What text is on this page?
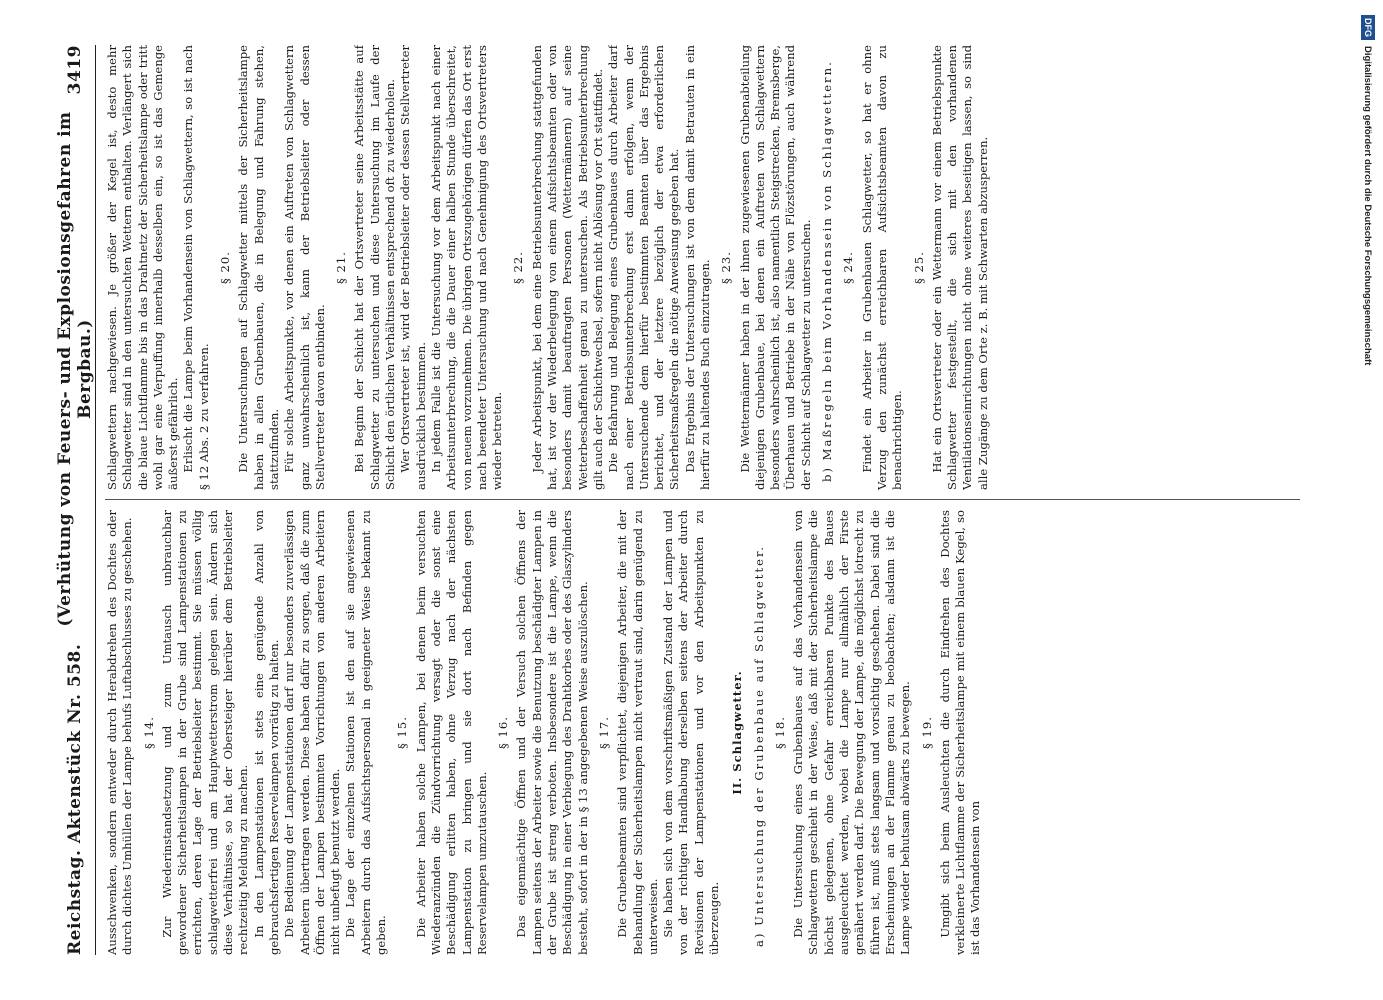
Reichstag. Aktenstück Nr. 558.
(Verhütung von Feuers- und Explosionsgefahren im Bergbau.)
3419

Ausschwenken, sondern entweder durch Herabdrehen des Dochtes oder durch dichtes Umhüllen der Lampe behufs Luftabschlusses zu geschehen. § 14. Zur Wiederinstandsetzung und zum Umtausch unbrauchbar gewordener Sicherheitslampen in der Grube sind Lampenstationen zu errichten, deren Lage der Betriebsleiter bestimmt. Sie müssen völlig schlagwetterfrei und am Hauptwetterstrom gelegen sein. Ändern sich diese Verhältnisse, so hat der Obersteiger hierüber dem Betriebsleiter rechtzeitig Meldung zu machen. In den Lampenstationen ist stets eine genügende Anzahl von gebrauchsfertigen Reservelampen vorrätig zu halten. Die Bedienung der Lampenstationen darf nur besonders zuverlässigen Arbeitern übertragen werden. Diese haben dafür zu sorgen, daß die zum Öffnen der Lampen bestimmten Vorrichtungen von anderen Arbeitern nicht unbefugt benutzt werden. Die Lage der einzelnen Stationen ist den auf sie angewiesenen Arbeitern durch das Aufsichtspersonal in geeigneter Weise bekannt zu geben.

§ 15. Die Arbeiter haben solche Lampen, bei denen beim versuchten Wiederanzünden die Zündvorrichtung versagt oder die sonst eine Beschädigung erlitten haben, ohne Verzug nach der nächsten Lampenstation zu bringen und sie dort nach Befinden gegen Reservelampen umzutauschen.

§ 16. Das eigenmächtige Öffnen und der Versuch solchen Öffnens der Lampen seitens der Arbeiter sowie die Benutzung beschädigter Lampen in der Grube ist streng verboten. Insbesondere ist die Lampe, wenn die Beschädigung in einer Verbiegung des Drahtkorbes oder des Glaszylinders besteht, sofort in der in § 13 angegebenen Weise auszulöschen. § 17. Die Grubenbeamten sind verpflichtet, diejenigen Arbeiter, die mit der Behandlung der Sicherheitslampen nicht vertraut sind, darin genügend zu unterweisen. Sie haben sich von dem vorschriftsmäßigen Zustand der Lampen und von der richtigen Handhabung derselben seitens der Arbeiter durch Revisionen der Lampenstationen und vor den Arbeitspunkten zu überzeugen.

II. Schlagwetter. a) Untersuchung der Grubenbaue auf Schlagwetter. § 18. Die Untersuchung eines Grubenbaues auf das Vorhandensein von Schlagwettern geschieht in der Weise, daß mit der Sicherheitslampe die höchst gelegenen, ohne Gefahr erreichbaren Punkte des Baues ausgeleuchtet werden, wobei die Lampe nur allmählich der Firste genähert werden darf. Die Bewegung der Lampe, die möglichst lotrecht zu führen ist, muß stets langsam und vorsichtig geschehen. Dabei sind die Erscheinungen an der Flamme genau zu beobachten; alsdann ist die Lampe wieder behutsam abwärts zu bewegen. § 19. Umgibt sich beim Ausleuchten die durch Eindrehen des Dochtes verkleinerte Lichtflamme der Sicherheitslampe mit einem blauen Kegel, so ist das Vorhandensein von

Schlagwettern nachgewiesen. Je größer der Kegel ist, desto mehr Schlagwetter sind in den untersuchten Wettern enthalten. Verlängert sich die blaue Lichtflamme bis in das Drahtnetz der Sicherheitslampe oder tritt wohl gar eine Verpuffung innerhalb desselben ein, so ist das Gemenge äußerst gefährlich. Erlischt die Lampe beim Vorhandensein von Schlagwettern, so ist nach § 12 Abs. 2 zu verfahren.

§ 20. Die Untersuchungen auf Schlagwetter mittels der Sicherheitslampe haben in allen Grubenbauen, die in Belegung und Fahrung stehen, stattzufinden. Für solche Arbeitspunkte, vor denen ein Auftreten von Schlagwettern ganz unwahrscheinlich ist, kann der Betriebsleiter oder dessen Stellvertreter davon entbinden.

§ 21. Bei Beginn der Schicht hat der Ortsvertreter seine Arbeitsstätte auf Schlagwetter zu untersuchen und diese Untersuchung im Laufe der Schicht den örtlichen Verhältnissen entsprechend oft zu wiederholen. Wer Ortsvertreter ist, wird der Betriebsleiter oder dessen Stellvertreter ausdrücklich bestimmen. In jedem Falle ist die Untersuchung vor dem Arbeitspunkt nach einer Arbeitsunterbrechung, die die Dauer einer halben Stunde überschreitet, von neuem vorzunehmen. Die übrigen Ortszugehörigen dürfen das Ort erst nach beendeter Untersuchung und nach Genehmigung des Ortsvertreters wieder betreten.

§ 22. Jeder Arbeitspunkt, bei dem eine Betriebsunterbrechung stattgefunden hat, ist vor der Wiederbelegung von einem Aufsichtsbeamten oder von besonders damit beauftragten Personen (Wettermännern) auf seine Wetterbeschaffenheit genau zu untersuchen. Als Betriebsunterbrechung gilt auch der Schichtwechsel, sofern nicht Ablösung vor Ort stattfindet. Die Befahrung und Belegung eines Grubenbaues durch Arbeiter darf nach einer Betriebsunterbrechung erst dann erfolgen, wenn der Untersuchende dem hierfür bestimmten Beamten über das Ergebnis berichtet, und der letztere bezüglich der etwa erforderlichen Sicherheitsmaßregeln die nötige Anweisung gegeben hat. Das Ergebnis der Untersuchungen ist von dem damit Betrauten in ein hierfür zu haltendes Buch einzutragen. § 23. Die Wettermänner haben in der ihnen zugewiesenen Grubenabteilung diejenigen Grubenbaue, bei denen ein Auftreten von Schlagwettern besonders wahrscheinlich ist, also namentlich Steigstrecken, Bremsberge, Überhauen und Betriebe in der Nähe von Flözstörungen, auch während der Schicht auf Schlagwetter zu untersuchen. b) Maßregeln beim Vorhandensein von Schlagwettern. § 24. Findet ein Arbeiter in Grubenbauen Schlagwetter, so hat er ohne Verzug den zunächst erreichbaren Aufsichtsbeamten davon zu benachrichtigen.

§ 25. Hat ein Ortsvertreter oder ein Wettermann vor einem Betriebspunkte Schlagwetter festgestellt, die sich mit den vorhandenen Ventilationseinrichtungen nicht ohne weiteres beseitigen lassen, so sind alle Zugänge zu dem Orte z. B. mit Schwarten abzusperren.

DFGDigitalisierung gefördert durch die Deutsche Forschungsgemeinschaft
